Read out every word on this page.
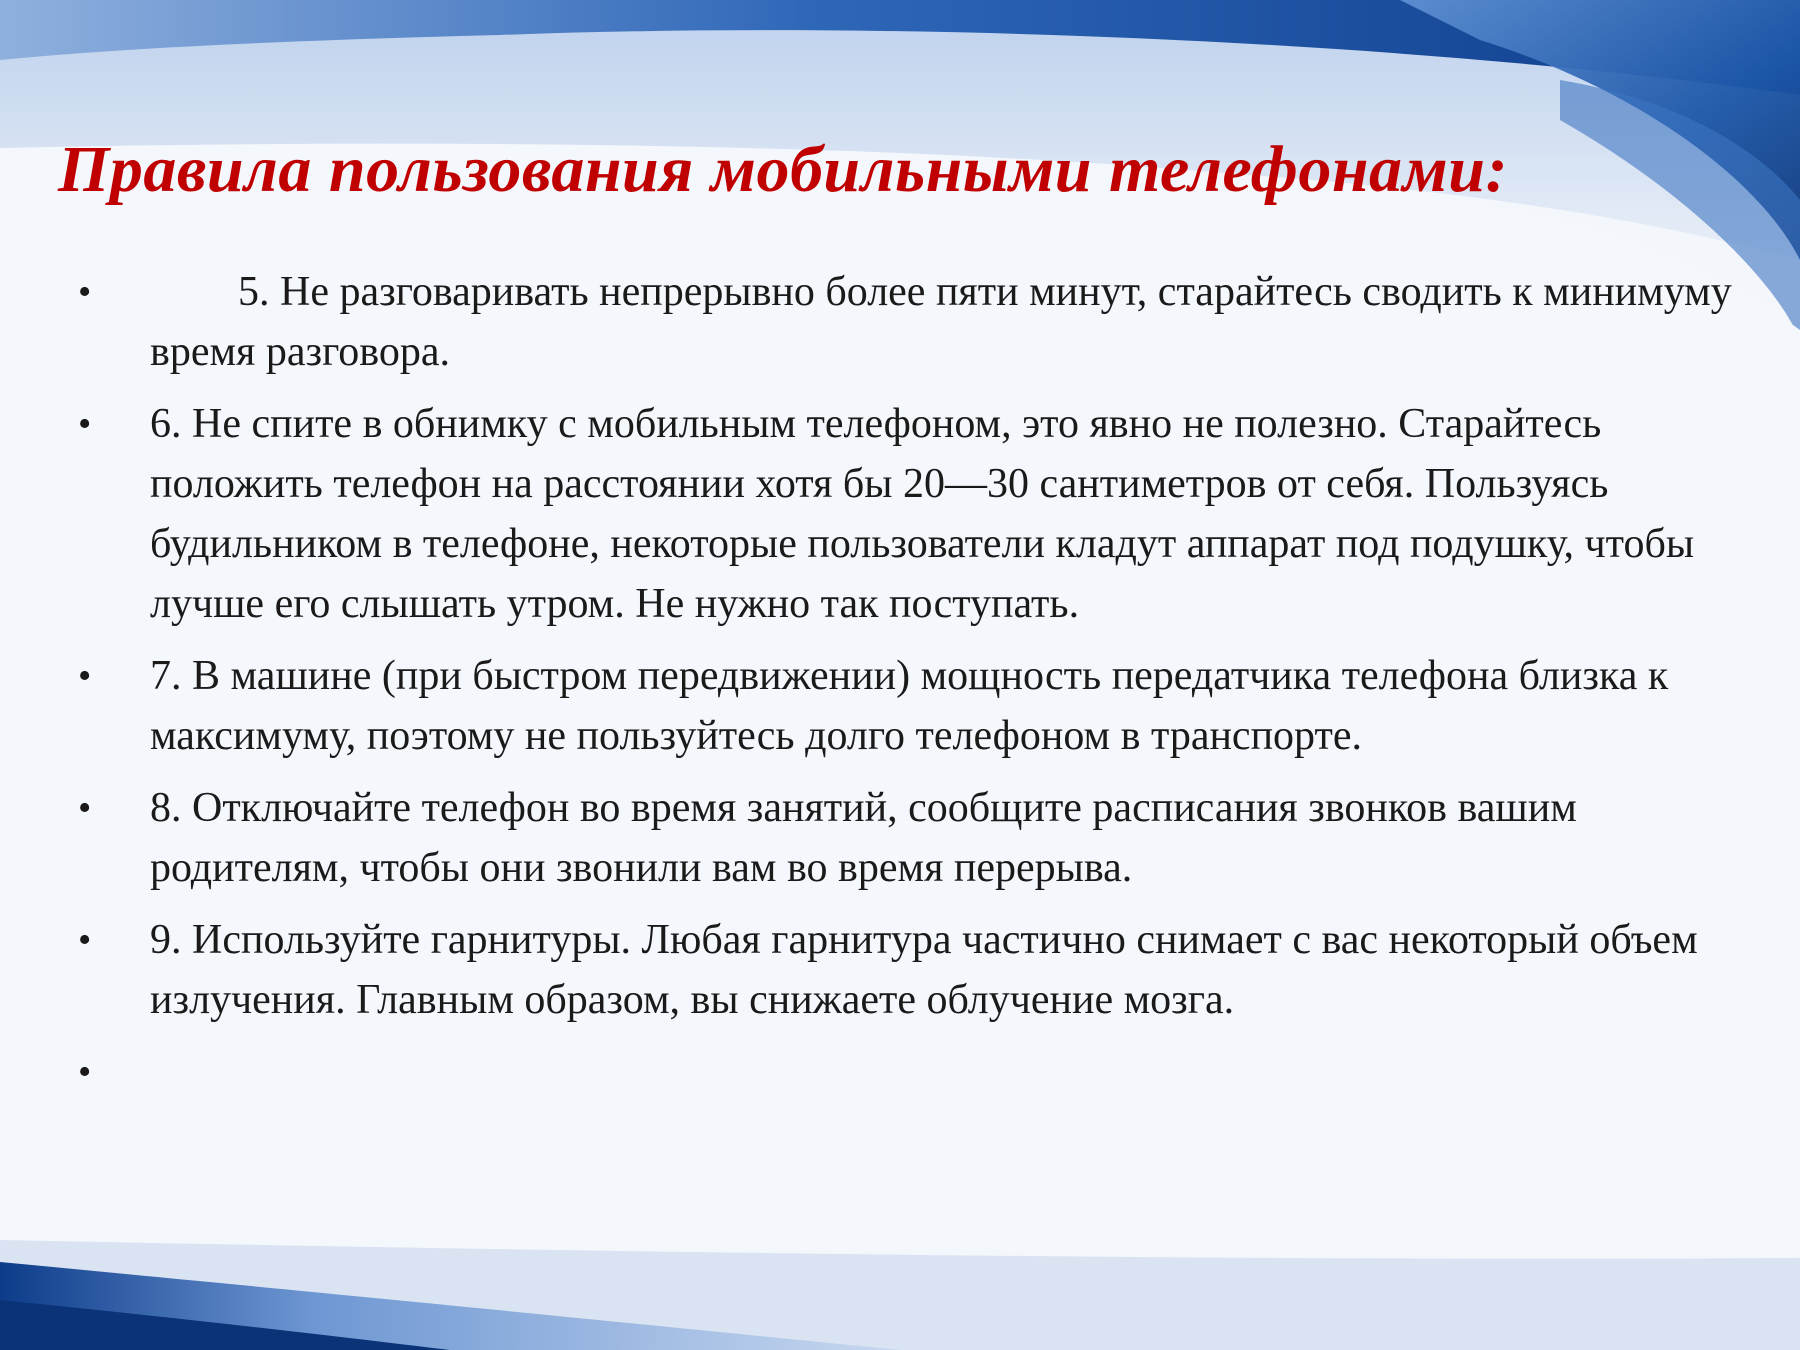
Правила пользования мобильными телефонами:
•	5. Не разговаривать непрерывно более пяти минут, старайтесь сводить к минимуму время разговора.
• 6. Не спите в обнимку с мобильным телефоном, это явно не полезно. Старайтесь положить телефон на расстоянии хотя бы 20—30 сантиметров от себя. Пользуясь будильником в телефоне, некоторые пользователи кладут аппарат под подушку, чтобы лучше его слышать утром. Не нужно так поступать.
• 7. В машине (при быстром передвижении) мощность передатчика телефона близка к максимуму, поэтому не пользуйтесь долго телефоном в транспорте.
• 8. Отключайте телефон во время занятий, сообщите расписания звонков вашим родителям, чтобы они звонили вам во время перерыва.
• 9. Используйте гарнитуры. Любая гарнитура частично снимает с вас некоторый объем излучения. Главным образом, вы снижаете облучение мозга.
•
